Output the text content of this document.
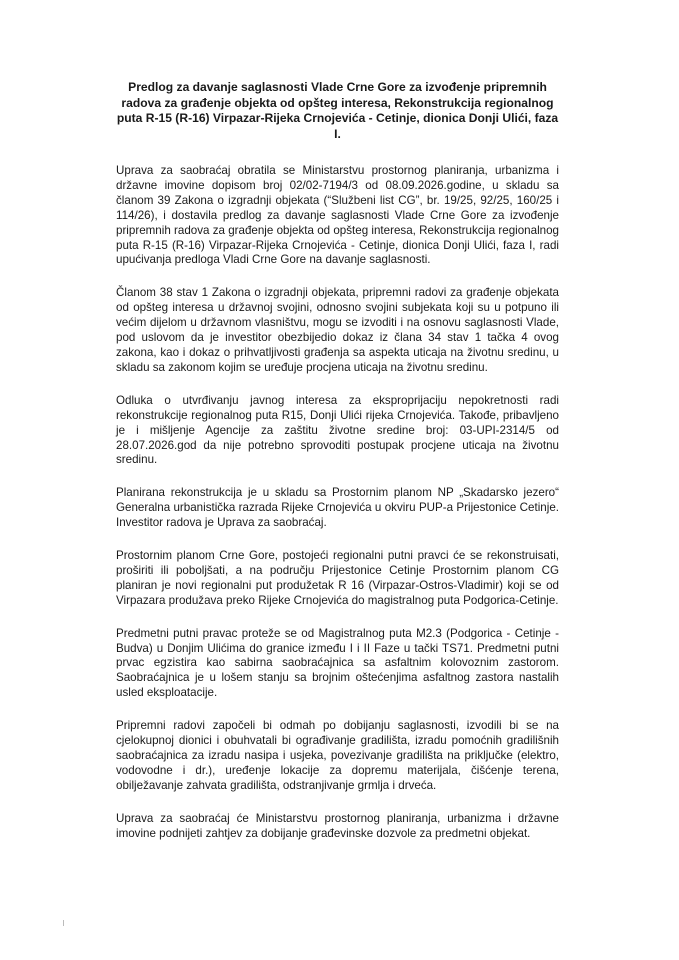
Predlog za davanje saglasnosti Vlade Crne Gore za izvođenje pripremnih radova za građenje objekta od opšteg interesa, Rekonstrukcija regionalnog puta R-15 (R-16) Virpazar-Rijeka Crnojevića - Cetinje, dionica Donji Ulići, faza I.

Uprava za saobraćaj obratila se Ministarstvu prostornog planiranja, urbanizma i državne imovine dopisom broj 02/02-7194/3 od 08.09.2026.godine, u skladu sa članom 39 Zakona o izgradnji objekata (“Službeni list CG”, br. 19/25, 92/25, 160/25 i 114/26), i dostavila predlog za davanje saglasnosti Vlade Crne Gore za izvođenje pripremnih radova za građenje objekta od opšteg interesa, Rekonstrukcija regionalnog puta R-15 (R-16) Virpazar-Rijeka Crnojevića - Cetinje, dionica Donji Ulići, faza I, radi upućivanja predloga Vladi Crne Gore na davanje saglasnosti.

Članom 38 stav 1 Zakona o izgradnji objekata, pripremni radovi za građenje objekata od opšteg interesa u državnoj svojini, odnosno svojini subjekata koji su u potpuno ili većim dijelom u državnom vlasništvu, mogu se izvoditi i na osnovu saglasnosti Vlade, pod uslovom da je investitor obezbijedio dokaz iz člana 34 stav 1 tačka 4 ovog zakona, kao i dokaz o prihvatljivosti građenja sa aspekta uticaja na životnu sredinu, u skladu sa zakonom kojim se uređuje procjena uticaja na životnu sredinu.

Odluka o utvrđivanju javnog interesa za eksproprijaciju nepokretnosti radi rekonstrukcije regionalnog puta R15, Donji Ulići rijeka Crnojevića. Takođe, pribavljeno je i mišljenje Agencije za zaštitu životne sredine broj: 03-UPI-2314/5 od 28.07.2026.god da nije potrebno sprovoditi postupak procjene uticaja na životnu sredinu.

Planirana rekonstrukcija je u skladu sa Prostornim planom NP „Skadarsko jezero“ Generalna urbanistička razrada Rijeke Crnojevića u okviru PUP-a Prijestonice Cetinje. Investitor radova je Uprava za saobraćaj.

Prostornim planom Crne Gore, postojeći regionalni putni pravci će se rekonstruisati, proširiti ili poboljšati, a na području Prijestonice Cetinje Prostornim planom CG planiran je novi regionalni put produžetak R 16 (Virpazar-Ostros-Vladimir) koji se od Virpazara produžava preko Rijeke Crnojevića do magistralnog puta Podgorica-Cetinje.

Predmetni putni pravac proteže se od Magistralnog puta M2.3 (Podgorica - Cetinje - Budva) u Donjim Ulićima do granice između I i II Faze u tački TS71. Predmetni putni prvac egzistira kao sabirna saobraćajnica sa asfaltnim kolovoznim zastorom. Saobraćajnica je u lošem stanju sa brojnim oštećenjima asfaltnog zastora nastalih usled eksploatacije.

Pripremni radovi započeli bi odmah po dobijanju saglasnosti, izvodili bi se na cjelokupnoj dionici i obuhvatali bi ograđivanje gradilišta, izradu pomoćnih gradilišnih saobraćajnica za izradu nasipa i usjeka, povezivanje gradilišta na priključke (elektro, vodovodne i dr.), uređenje lokacije za dopremu materijala, čišćenje terena, obilježavanje zahvata gradilišta, odstranjivanje grmlja i drveća.

Uprava za saobraćaj će Ministarstvu prostornog planiranja, urbanizma i državne imovine podnijeti zahtjev za dobijanje građevinske dozvole za predmetni objekat.
